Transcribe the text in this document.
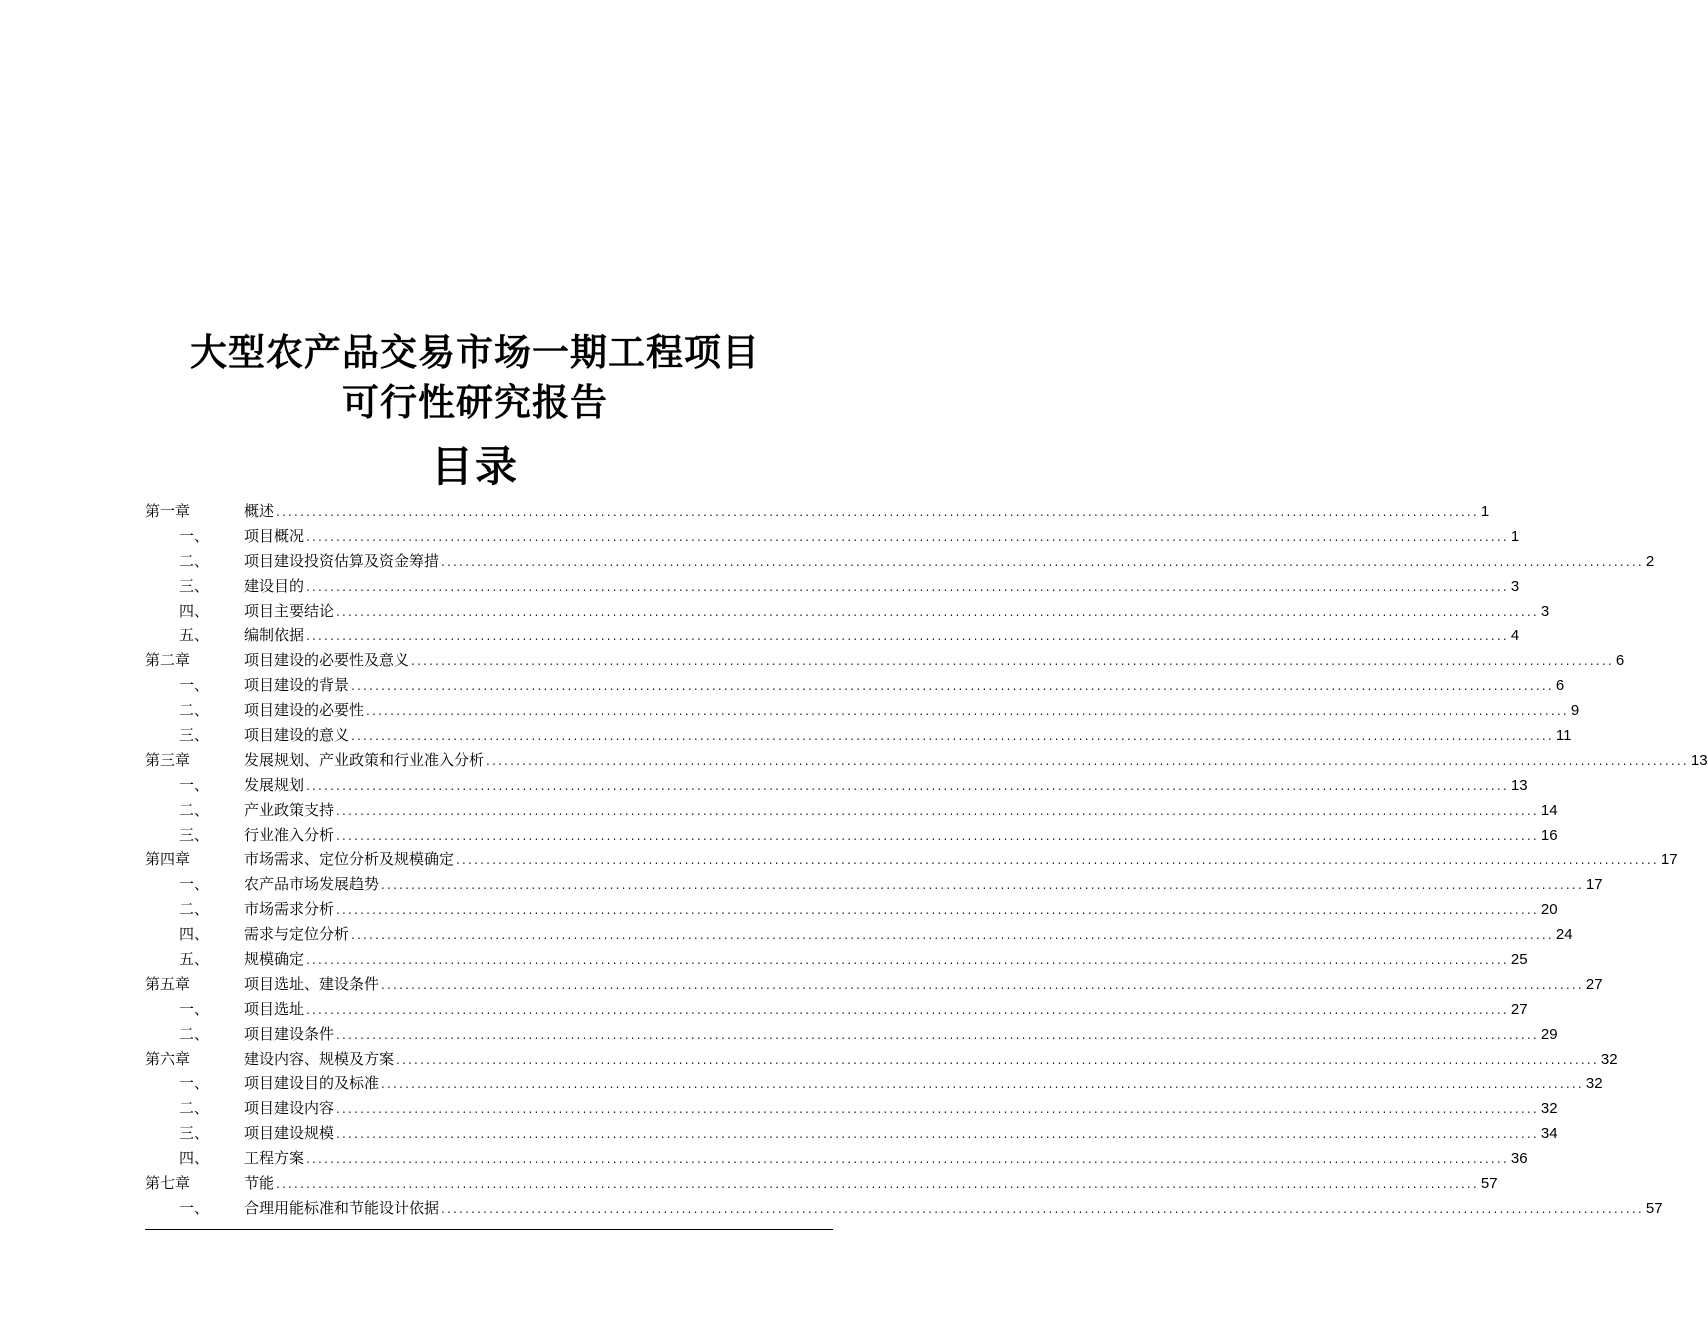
大型农产品交易市场一期工程项目
可行性研究报告
目录
第一章	概述 ........................................................................................................................................................................................................ 1
一、 项目概况 ........................................................................................................................................................................................................ 1
二、 项目建设投资估算及资金筹措 ........................................................................................................................................................................................................ 2
三、 建设目的 ........................................................................................................................................................................................................ 3
四、 项目主要结论 ........................................................................................................................................................................................................ 3
五、 编制依据 ........................................................................................................................................................................................................ 4
第二章	项目建设的必要性及意义 ........................................................................................................................................................................................................ 6
一、 项目建设的背景 ........................................................................................................................................................................................................ 6
二、 项目建设的必要性 ........................................................................................................................................................................................................ 9
三、 项目建设的意义 ........................................................................................................................................................................................................ 11
第三章	发展规划、产业政策和行业准入分析 ........................................................................................................................................................................................................ 13
一、 发展规划 ........................................................................................................................................................................................................ 13
二、 产业政策支持 ........................................................................................................................................................................................................ 14
三、 行业准入分析 ........................................................................................................................................................................................................ 16
第四章	市场需求、定位分析及规模确定 ........................................................................................................................................................................................................ 17
一、 农产品市场发展趋势 ........................................................................................................................................................................................................ 17
二、 市场需求分析 ........................................................................................................................................................................................................ 20
四、 需求与定位分析 ........................................................................................................................................................................................................ 24
五、 规模确定 ........................................................................................................................................................................................................ 25
第五章	项目选址、建设条件 ........................................................................................................................................................................................................ 27
一、 项目选址 ........................................................................................................................................................................................................ 27
二、 项目建设条件 ........................................................................................................................................................................................................ 29
第六章	建设内容、规模及方案 ........................................................................................................................................................................................................ 32
一、 项目建设目的及标准 ........................................................................................................................................................................................................ 32
二、 项目建设内容 ........................................................................................................................................................................................................ 32
三、 项目建设规模 ........................................................................................................................................................................................................ 34
四、 工程方案 ........................................................................................................................................................................................................ 36
第七章	节能 ........................................................................................................................................................................................................ 57
一、 合理用能标准和节能设计依据 ........................................................................................................................................................................................................ 57
